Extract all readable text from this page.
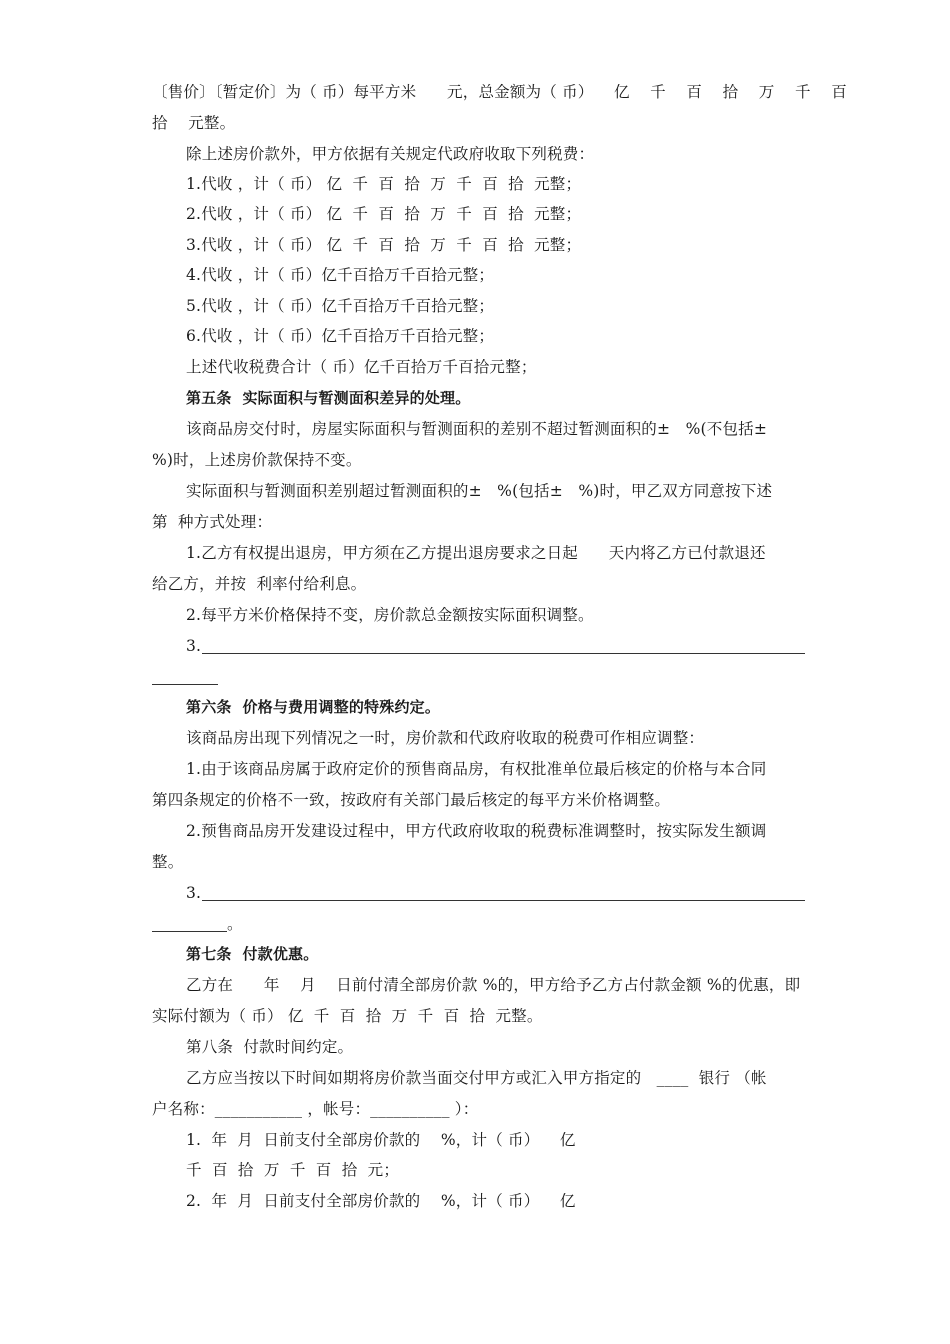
〔售价〕〔暂定价〕为（ 币）每平方米      元，总金额为（ 币）    亿    千    百    拾    万    千    百
拾    元整。
除上述房价款外，甲方依据有关规定代政府收取下列税费：
1.代收 ，计（ 币） 亿  千  百  拾  万  千  百  拾  元整；
2.代收 ，计（ 币） 亿  千  百  拾  万  千  百  拾  元整；
3.代收 ，计（ 币） 亿  千  百  拾  万  千  百  拾  元整；
4.代收 ，计（ 币）亿千百拾万千百拾元整；
5.代收 ，计（ 币）亿千百拾万千百拾元整；
6.代收 ，计（ 币）亿千百拾万千百拾元整；
上述代收税费合计（ 币）亿千百拾万千百拾元整；
第五条  实际面积与暂测面积差异的处理。
该商品房交付时，房屋实际面积与暂测面积的差别不超过暂测面积的±   %(不包括±
%)时，上述房价款保持不变。
实际面积与暂测面积差别超过暂测面积的±   %(包括±   %)时，甲乙双方同意按下述
第  种方式处理：
1.乙方有权提出退房，甲方须在乙方提出退房要求之日起      天内将乙方已付款退还
给乙方，并按  利率付给利息。
2.每平方米价格保持不变，房价款总金额按实际面积调整。
3.
第六条  价格与费用调整的特殊约定。
该商品房出现下列情况之一时，房价款和代政府收取的税费可作相应调整：
1.由于该商品房属于政府定价的预售商品房，有权批准单位最后核定的价格与本合同
第四条规定的价格不一致，按政府有关部门最后核定的每平方米价格调整。
2.预售商品房开发建设过程中，甲方代政府收取的税费标准调整时，按实际发生额调
整。
3.
。
第七条  付款优惠。
乙方在      年    月    日前付清全部房价款 %的，甲方给予乙方占付款金额 %的优惠，即
实际付额为（ 币） 亿  千  百  拾  万  千  百  拾  元整。
第八条  付款时间约定。
乙方应当按以下时间如期将房价款当面交付甲方或汇入甲方指定的   ____  银行 （帐
户名称：___________ ，帐号：__________ ）：
1.  年  月  日前支付全部房价款的    %，计（ 币）    亿
千  百  拾  万  千  百  拾  元；
2.  年  月  日前支付全部房价款的    %，计（ 币）    亿
